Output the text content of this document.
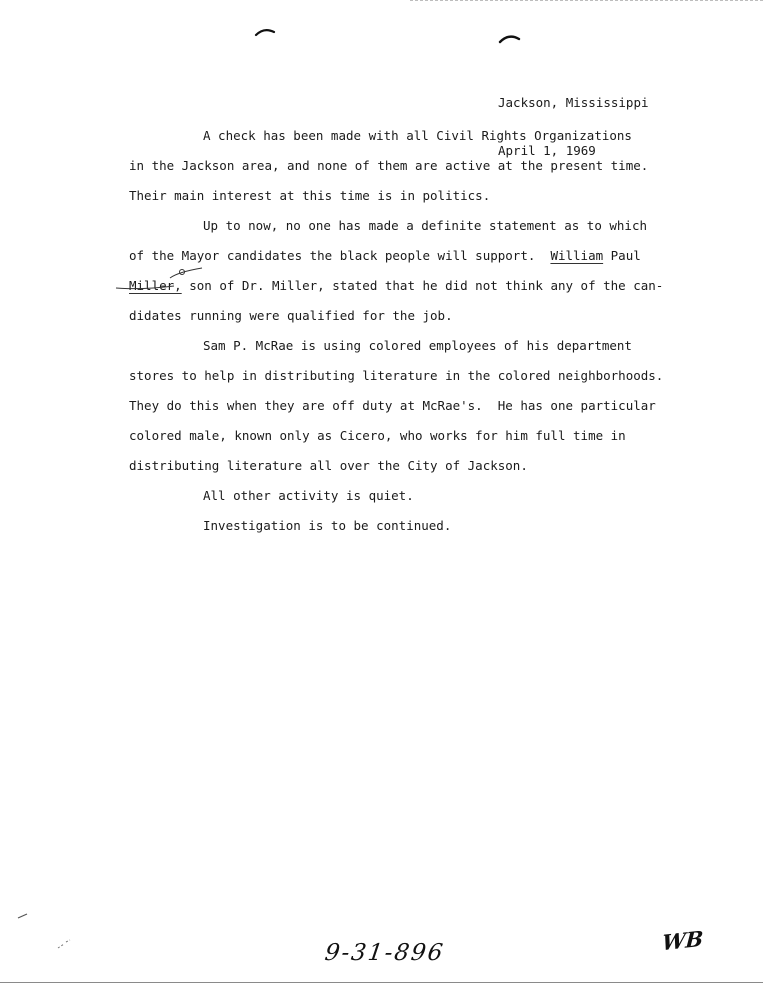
Jackson, Mississippi

April 1, 1969

A check has been made with all Civil Rights Organizations
in the Jackson area, and none of them are active at the present time.
Their main interest at this time is in politics.
Up to now, no one has made a definite statement as to which
of the Mayor candidates the black people will support.  William Paul
Miller, son of Dr. Miller, stated that he did not think any of the can-
didates running were qualified for the job.
Sam P. McRae is using colored employees of his department
stores to help in distributing literature in the colored neighborhoods.
They do this when they are off duty at McRae's.  He has one particular
colored male, known only as Cicero, who works for him full time in
distributing literature all over the City of Jackson.
All other activity is quiet.
Investigation is to be continued.
9-31-896	WB
